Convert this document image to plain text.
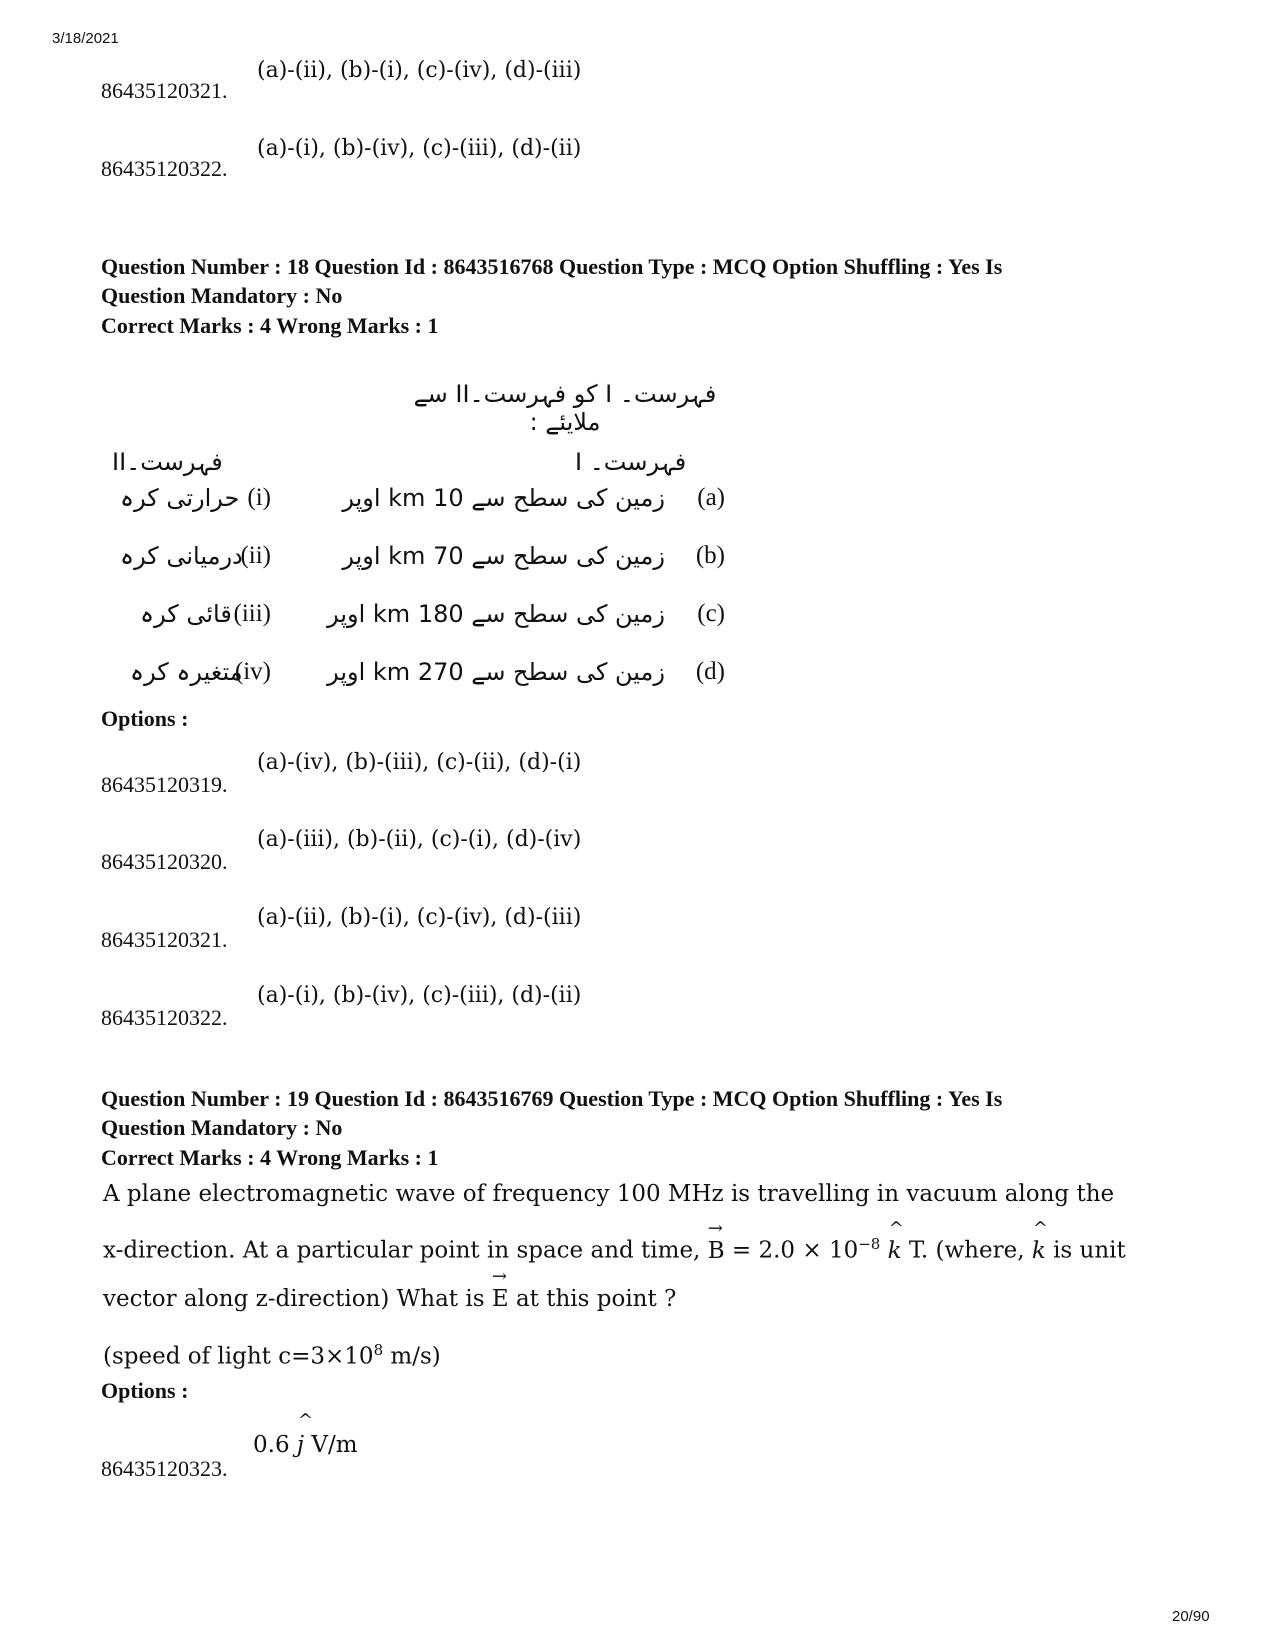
3/18/2021
86435120321.
(a)-(ii), (b)-(i), (c)-(iv), (d)-(iii)
86435120322.
(a)-(i), (b)-(iv), (c)-(iii), (d)-(ii)
Question Number : 18 Question Id : 8643516768 Question Type : MCQ Option Shuffling : Yes Is
Question Mandatory : No
Correct Marks : 4 Wrong Marks : 1
فہرست۔ I کو فہرست۔II سے ملایئے :
فہرست۔II	فہرست۔ I
زمین کی سطح سے 10 km اوپر (a)
زمین کی سطح سے 70 km اوپر (b)
زمین کی سطح سے 180 km اوپر (c)
زمین کی سطح سے 270 km اوپر (d)
حرارتی کرہ (i)
درمیانی کرہ
(ii)
قائی کرہ (iii)
متغیرہ کرہ
(iv)
Options :
86435120319.
(a)-(iv), (b)-(iii), (c)-(ii), (d)-(i)
86435120320.
(a)-(iii), (b)-(ii), (c)-(i), (d)-(iv)
86435120321.
(a)-(ii), (b)-(i), (c)-(iv), (d)-(iii)
86435120322.
(a)-(i), (b)-(iv), (c)-(iii), (d)-(ii)
Question Number : 19 Question Id : 8643516769 Question Type : MCQ Option Shuffling : Yes Is
Question Mandatory : No
Correct Marks : 4 Wrong Marks : 1
A plane electromagnetic wave of frequency 100 MHz is travelling in vacuum along the
x-direction. At a particular point in space and time, → $B = 2.0 \times 10^{-8}$ ^ k T. (where, ^ k is unit
vector along z-direction) What is → E at this point ?
(speed of light $c=3\times 10^8$ m/s)
Options :
86435120323.
0.6 ^ j V/m
20/90
